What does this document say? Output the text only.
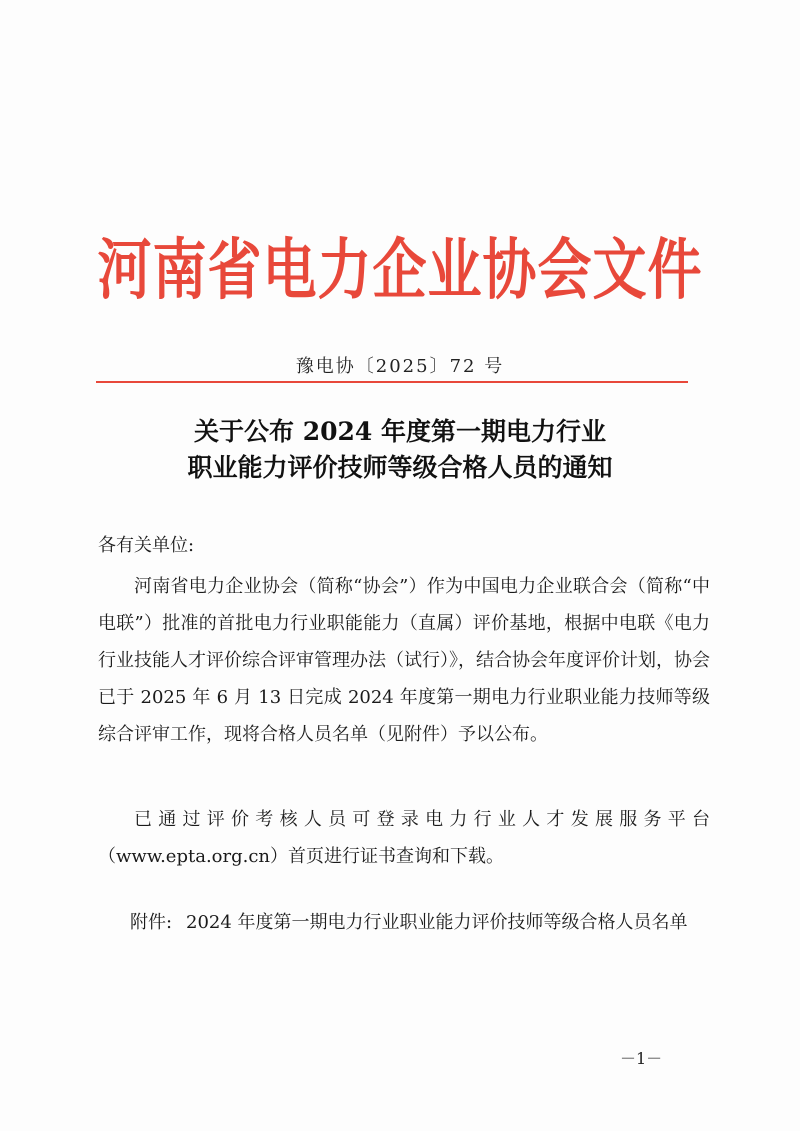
河南省电力企业协会文件
豫电协〔2025〕72 号
关于公布 2024 年度第一期电力行业
职业能力评价技师等级合格人员的通知
各有关单位:
河南省电力企业协会（简称“协会”）作为中国电力企业联合会（简称“中电联”）批准的首批电力行业职能能力（直属）评价基地，根据中电联《电力行业技能人才评价综合评审管理办法（试行）》，结合协会年度评价计划，协会已于 2025 年 6 月 13 日完成 2024 年度第一期电力行业职业能力技师等级综合评审工作，现将合格人员名单（见附件）予以公布。
已通过评价考核人员可登录电力行业人才发展服务平台（www.epta.org.cn）首页进行证书查询和下载。
附件: 2024 年度第一期电力行业职业能力评价技师等级合格人员名单
－1－
